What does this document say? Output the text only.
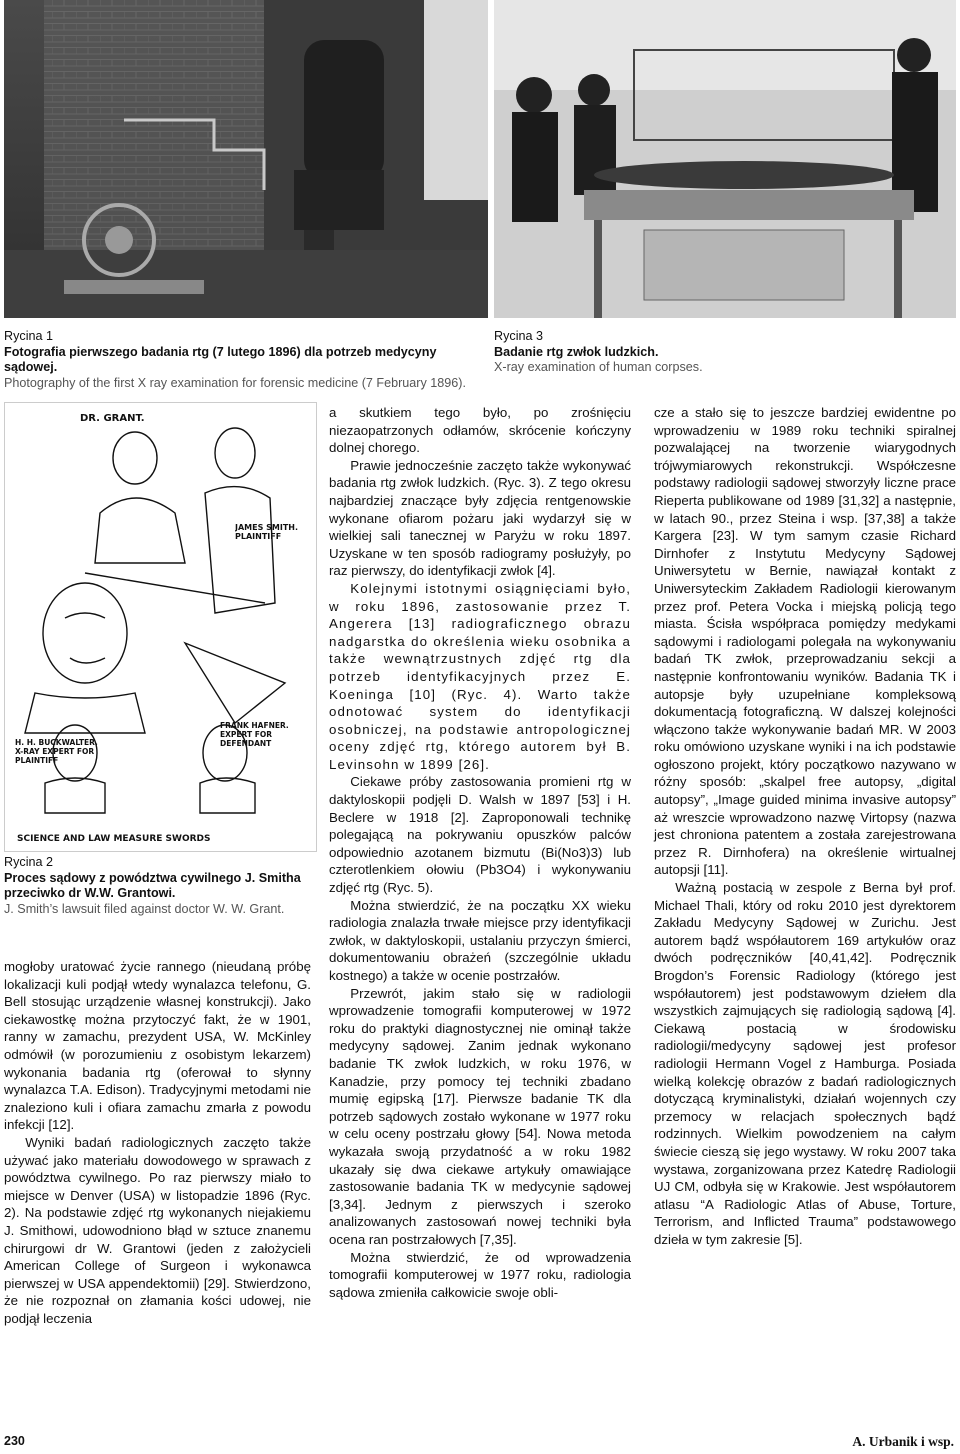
Rycina 1
Fotografia pierwszego badania rtg (7 lutego 1896) dla potrzeb medycyny sądowej.
Photography of the first X ray examination for forensic medicine (7 February 1896).
Rycina 3
Badanie rtg zwłok ludzkich.
X-ray examination of human corpses.
DR. GRANT.
JAMES SMITH. PLAINTIFF
H. H. BUCKWALTER. X-RAY EXPERT FOR PLAINTIFF
FRANK HAFNER. EXPERT FOR DEFENDANT
SCIENCE AND LAW MEASURE SWORDS
Rycina 2
Proces sądowy z powództwa cywilnego J. Smitha przeciwko dr W.W. Grantowi.
J. Smith’s lawsuit filed against doctor W. W. Grant.

mogłoby uratować życie rannego (nieudaną próbę lokalizacji kuli podjął wtedy wynalazca telefonu, G. Bell stosując urządzenie własnej konstrukcji). Jako ciekawostkę można przytoczyć fakt, że w 1901, ranny w zamachu, prezydent USA, W. McKinley odmówił (w porozumieniu z osobistym lekarzem) wykonania badania rtg (oferował to słynny wynalazca T.A. Edison). Tradycyjnymi metodami nie znaleziono kuli i ofiara zamachu zmarła z powodu infekcji [12].

Wyniki badań radiologicznych zaczęto także używać jako materiału dowodowego w sprawach z powództwa cywilnego. Po raz pierwszy miało to miejsce w Denver (USA) w listopadzie 1896 (Ryc. 2). Na podstawie zdjęć rtg wykonanych niejakiemu J. Smithowi, udowodniono błąd w sztuce znanemu chirurgowi dr W. Grantowi (jeden z założycieli American College of Surgeon i wykonawca pierwszej w USA appendektomii) [29]. Stwierdzono, że nie rozpoznał on złamania kości udowej, nie podjął leczenia

a skutkiem tego było, po zrośnięciu niezaopatrzonych odłamów, skrócenie kończyny dolnej chorego.

Prawie jednocześnie zaczęto także wykonywać badania rtg zwłok ludzkich. (Ryc. 3). Z tego okresu najbardziej znaczące były zdjęcia rentgenowskie wykonane ofiarom pożaru jaki wydarzył się w wielkiej sali tanecznej w Paryżu w roku 1897. Uzyskane w ten sposób radiogramy posłużyły, po raz pierwszy, do identyfikacji zwłok [4].

Kolejnymi istotnymi osiągnięciami było, w roku 1896, zastosowanie przez T. Angerera [13] radiograficznego obrazu nadgarstka do określenia wieku osobnika a także wewnątrzustnych zdjęć rtg dla potrzeb identyfikacyjnych przez E. Koeninga [10] (Ryc. 4). Warto także odnotować system do identyfikacji osobniczej, na podstawie antropologicznej oceny zdjęć rtg, którego autorem był B. Levinsohn w 1899 [26].

Ciekawe próby zastosowania promieni rtg w daktyloskopii podjęli D. Walsh w 1897 [53] i H. Beclere w 1918 [2]. Zaproponowali technikę polegającą na pokrywaniu opuszków palców odpowiednio azotanem bizmutu (Bi(No3)3) lub czterotlenkiem ołowiu (Pb3O4) i wykonywaniu zdjęć rtg (Ryc. 5).

Można stwierdzić, że na początku XX wieku radiologia znalazła trwałe miejsce przy identyfikacji zwłok, w daktyloskopii, ustalaniu przyczyn śmierci, dokumentowaniu obrażeń (szczególnie układu kostnego) a także w ocenie postrzałów.

Przewrót, jakim stało się w radiologii wprowadzenie tomografii komputerowej w 1972 roku do praktyki diagnostycznej nie ominął także medycyny sądowej. Zanim jednak wykonano badanie TK zwłok ludzkich, w roku 1976, w Kanadzie, przy pomocy tej techniki zbadano mumię egipską [17]. Pierwsze badanie TK dla potrzeb sądowych zostało wykonane w 1977 roku w celu oceny postrzału głowy [54]. Nowa metoda wykazała swoją przydatność a w roku 1982 ukazały się dwa ciekawe artykuły omawiające zastosowanie badania TK w medycynie sądowej [3,34]. Jednym z pierwszych i szeroko analizowanych zastosowań nowej techniki była ocena ran postrzałowych [7,35].

Można stwierdzić, że od wprowadzenia tomografii komputerowej w 1977 roku, radiologia sądowa zmieniła całkowicie swoje obli-

cze a stało się to jeszcze bardziej ewidentne po wprowadzeniu w 1989 roku techniki spiralnej pozwalającej na tworzenie wiarygodnych trójwymiarowych rekonstrukcji. Współczesne podstawy radiologii sądowej stworzyły liczne prace Rieperta publikowane od 1989 [31,32] a następnie, w latach 90., przez Steina i wsp. [37,38] a także Kargera [23]. W tym samym czasie Richard Dirnhofer z Instytutu Medycyny Sądowej Uniwersytetu w Bernie, nawiązał kontakt z Uniwersyteckim Zakładem Radiologii kierowanym przez prof. Petera Vocka i miejską policją tego miasta. Ścisła współpraca pomiędzy medykami sądowymi i radiologami polegała na wykonywaniu badań TK zwłok, przeprowadzaniu sekcji a następnie konfrontowaniu wyników. Badania TK i autopsje były uzupełniane kompleksową dokumentacją fotograficzną. W dalszej kolejności włączono także wykonywanie badań MR. W 2003 roku omówiono uzyskane wyniki i na ich podstawie ogłoszono projekt, który początkowo nazywano w różny sposób: „skalpel free autopsy, „digital autopsy”, „Image guided minima invasive autopsy” aż wreszcie wprowadzono nazwę Virtopsy (nazwa jest chroniona patentem a została zarejestrowana przez R. Dirnhofera) na określenie wirtualnej autopsji [11].

Ważną postacią w zespole z Berna był prof. Michael Thali, który od roku 2010 jest dyrektorem Zakładu Medycyny Sądowej w Zurichu. Jest autorem bądź współautorem 169 artykułów oraz dwóch podręczników [40,41,42]. Podręcznik Brogdon’s Forensic Radiology (którego jest współautorem) jest podstawowym dziełem dla wszystkich zajmujących się radiologią sądową [4]. Ciekawą postacią w środowisku radiologii/medycyny sądowej jest profesor radiologii Hermann Vogel z Hamburga. Posiada wielką kolekcję obrazów z badań radiologicznych dotyczącą kryminalistyki, działań wojennych czy przemocy w relacjach społecznych bądź rodzinnych. Wielkim powodzeniem na całym świecie cieszą się jego wystawy. W roku 2007 taka wystawa, zorganizowana przez Katedrę Radiologii UJ CM, odbyła się w Krakowie. Jest współautorem atlasu “A Radiologic Atlas of Abuse, Torture, Terrorism, and Inflicted Trauma” podstawowego dzieła w tym zakresie [5].

230	A. Urbanik i wsp.
